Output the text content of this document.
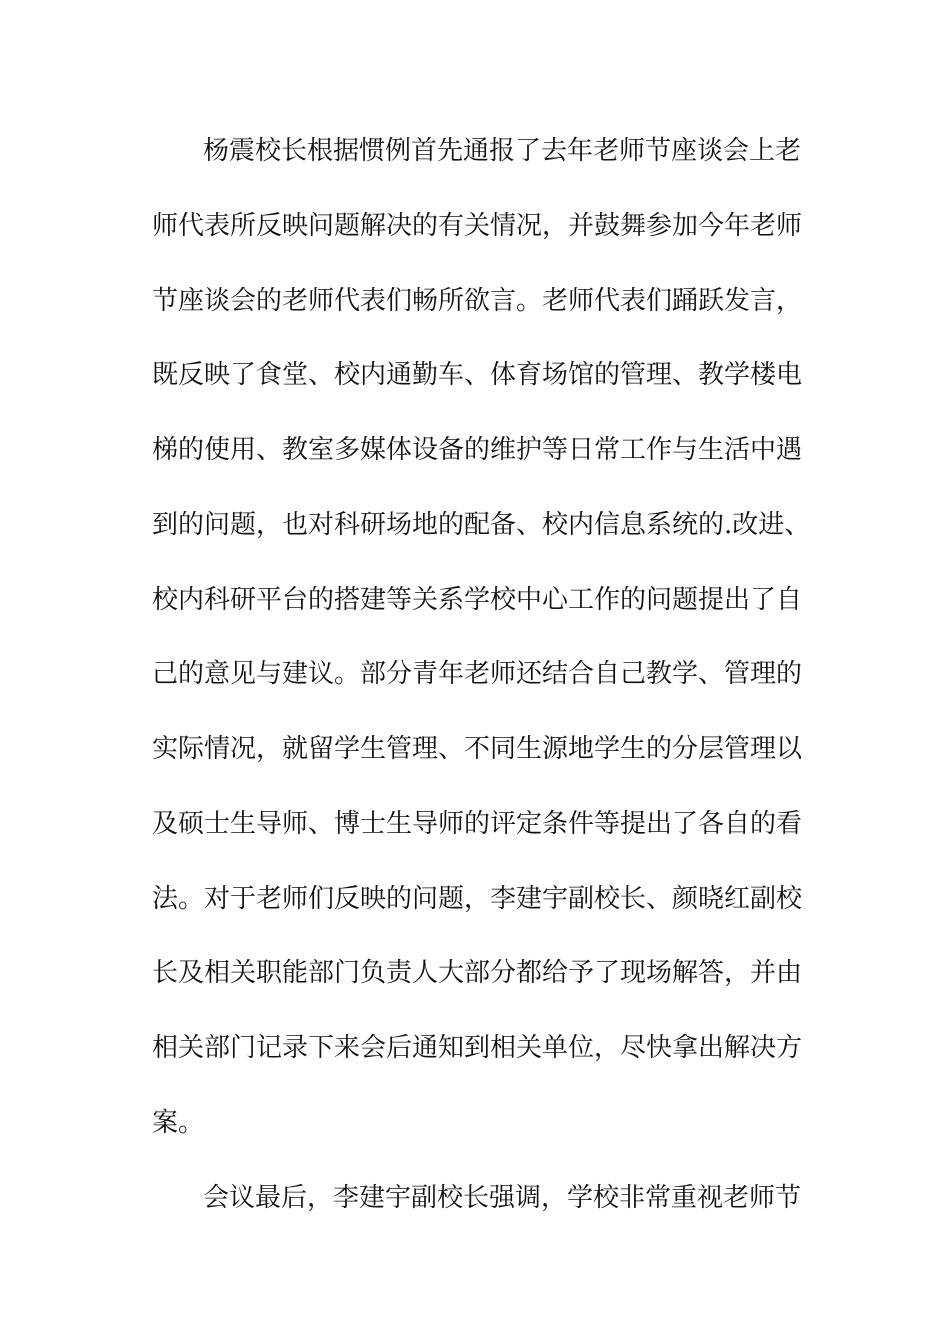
杨震校长根据惯例首先通报了去年老师节座谈会上老
师代表所反映问题解决的有关情况，并鼓舞参加今年老师
节座谈会的老师代表们畅所欲言。老师代表们踊跃发言，
既反映了食堂、校内通勤车、体育场馆的管理、教学楼电
梯的使用、教室多媒体设备的维护等日常工作与生活中遇
到的问题，也对科研场地的配备、校内信息系统的.改进、
校内科研平台的搭建等关系学校中心工作的问题提出了自
己的意见与建议。部分青年老师还结合自己教学、管理的
实际情况，就留学生管理、不同生源地学生的分层管理以
及硕士生导师、博士生导师的评定条件等提出了各自的看
法。对于老师们反映的问题，李建宇副校长、颜晓红副校
长及相关职能部门负责人大部分都给予了现场解答，并由
相关部门记录下来会后通知到相关单位，尽快拿出解决方
案。
会议最后，李建宇副校长强调，学校非常重视老师节
